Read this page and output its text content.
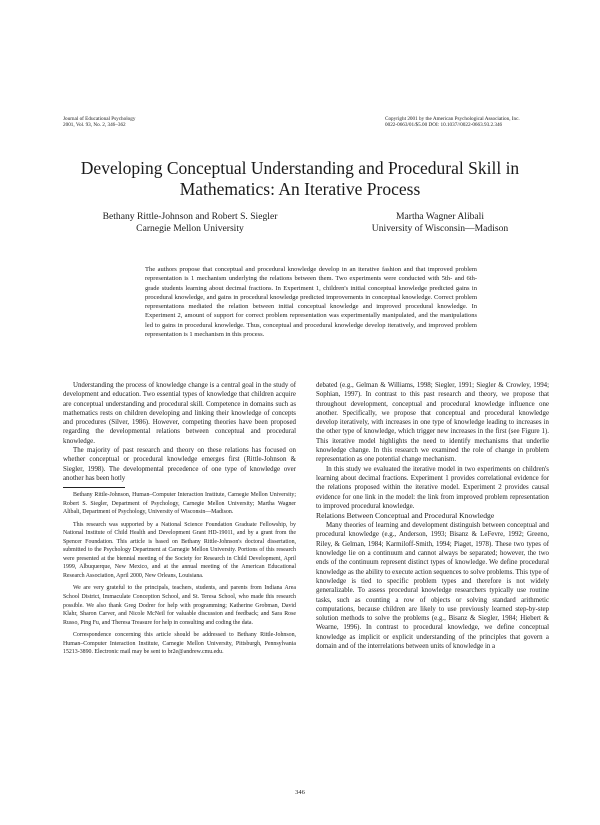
Journal of Educational Psychology
2001, Vol. 93, No. 2, 346–362
Copyright 2001 by the American Psychological Association, Inc.
0022-0663/01/$5.00 DOI: 10.1037//0022-0663.93.2.346
Developing Conceptual Understanding and Procedural Skill in Mathematics: An Iterative Process
Bethany Rittle-Johnson and Robert S. Siegler
Carnegie Mellon University
Martha Wagner Alibali
University of Wisconsin—Madison
The authors propose that conceptual and procedural knowledge develop in an iterative fashion and that improved problem representation is 1 mechanism underlying the relations between them. Two experiments were conducted with 5th- and 6th-grade students learning about decimal fractions. In Experiment 1, children's initial conceptual knowledge predicted gains in procedural knowledge, and gains in procedural knowledge predicted improvements in conceptual knowledge. Correct problem representations mediated the relation between initial conceptual knowledge and improved procedural knowledge. In Experiment 2, amount of support for correct problem representation was experimentally manipulated, and the manipulations led to gains in procedural knowledge. Thus, conceptual and procedural knowledge develop iteratively, and improved problem representation is 1 mechanism in this process.

Understanding the process of knowledge change is a central goal in the study of development and education. Two essential types of knowledge that children acquire are conceptual understanding and procedural skill. Competence in domains such as mathematics rests on children developing and linking their knowledge of concepts and procedures (Silver, 1986). However, competing theories have been proposed regarding the developmental relations between conceptual and procedural knowledge.

The majority of past research and theory on these relations has focused on whether conceptual or procedural knowledge emerges first (Rittle-Johnson & Siegler, 1998). The developmental precedence of one type of knowledge over another has been hotly

Bethany Rittle-Johnson, Human–Computer Interaction Institute, Carnegie Mellon University; Robert S. Siegler, Department of Psychology, Carnegie Mellon University; Martha Wagner Alibali, Department of Psychology, University of Wisconsin—Madison.

This research was supported by a National Science Foundation Graduate Fellowship, by National Institute of Child Health and Development Grant HD-19011, and by a grant from the Spencer Foundation. This article is based on Bethany Rittle-Johnson's doctoral dissertation, submitted to the Psychology Department at Carnegie Mellon University. Portions of this research were presented at the biennial meeting of the Society for Research in Child Development, April 1999, Albuquerque, New Mexico, and at the annual meeting of the American Educational Research Association, April 2000, New Orleans, Louisiana.

We are very grateful to the principals, teachers, students, and parents from Indiana Area School District, Immaculate Conception School, and St. Teresa School, who made this research possible. We also thank Greg Dodrer for help with programming; Katherine Grobman, David Klahr, Sharon Carver, and Nicole McNeil for valuable discussion and feedback; and Sara Rose Russo, Ping Fu, and Theresa Treasure for help in consulting and coding the data.

Correspondence concerning this article should be addressed to Bethany Rittle-Johnson, Human–Computer Interaction Institute, Carnegie Mellon University, Pittsburgh, Pennsylvania 15213-3890. Electronic mail may be sent to br2e@andrew.cmu.edu.

debated (e.g., Gelman & Williams, 1998; Siegler, 1991; Siegler & Crowley, 1994; Sophian, 1997). In contrast to this past research and theory, we propose that throughout development, conceptual and procedural knowledge influence one another. Specifically, we propose that conceptual and procedural knowledge develop iteratively, with increases in one type of knowledge leading to increases in the other type of knowledge, which trigger new increases in the first (see Figure 1). This iterative model highlights the need to identify mechanisms that underlie knowledge change. In this research we examined the role of change in problem representation as one potential change mechanism.

In this study we evaluated the iterative model in two experiments on children's learning about decimal fractions. Experiment 1 provides correlational evidence for the relations proposed within the iterative model. Experiment 2 provides causal evidence for one link in the model: the link from improved problem representation to improved procedural knowledge.

Relations Between Conceptual and Procedural Knowledge

Many theories of learning and development distinguish between conceptual and procedural knowledge (e.g., Anderson, 1993; Bisanz & LeFevre, 1992; Greeno, Riley, & Gelman, 1984; Karmiloff-Smith, 1994; Piaget, 1978). These two types of knowledge lie on a continuum and cannot always be separated; however, the two ends of the continuum represent distinct types of knowledge. We define procedural knowledge as the ability to execute action sequences to solve problems. This type of knowledge is tied to specific problem types and therefore is not widely generalizable. To assess procedural knowledge researchers typically use routine tasks, such as counting a row of objects or solving standard arithmetic computations, because children are likely to use previously learned step-by-step solution methods to solve the problems (e.g., Bisanz & Siegler, 1984; Hiebert & Wearne, 1996). In contrast to procedural knowledge, we define conceptual knowledge as implicit or explicit understanding of the principles that govern a domain and of the interrelations between units of knowledge in a

346
